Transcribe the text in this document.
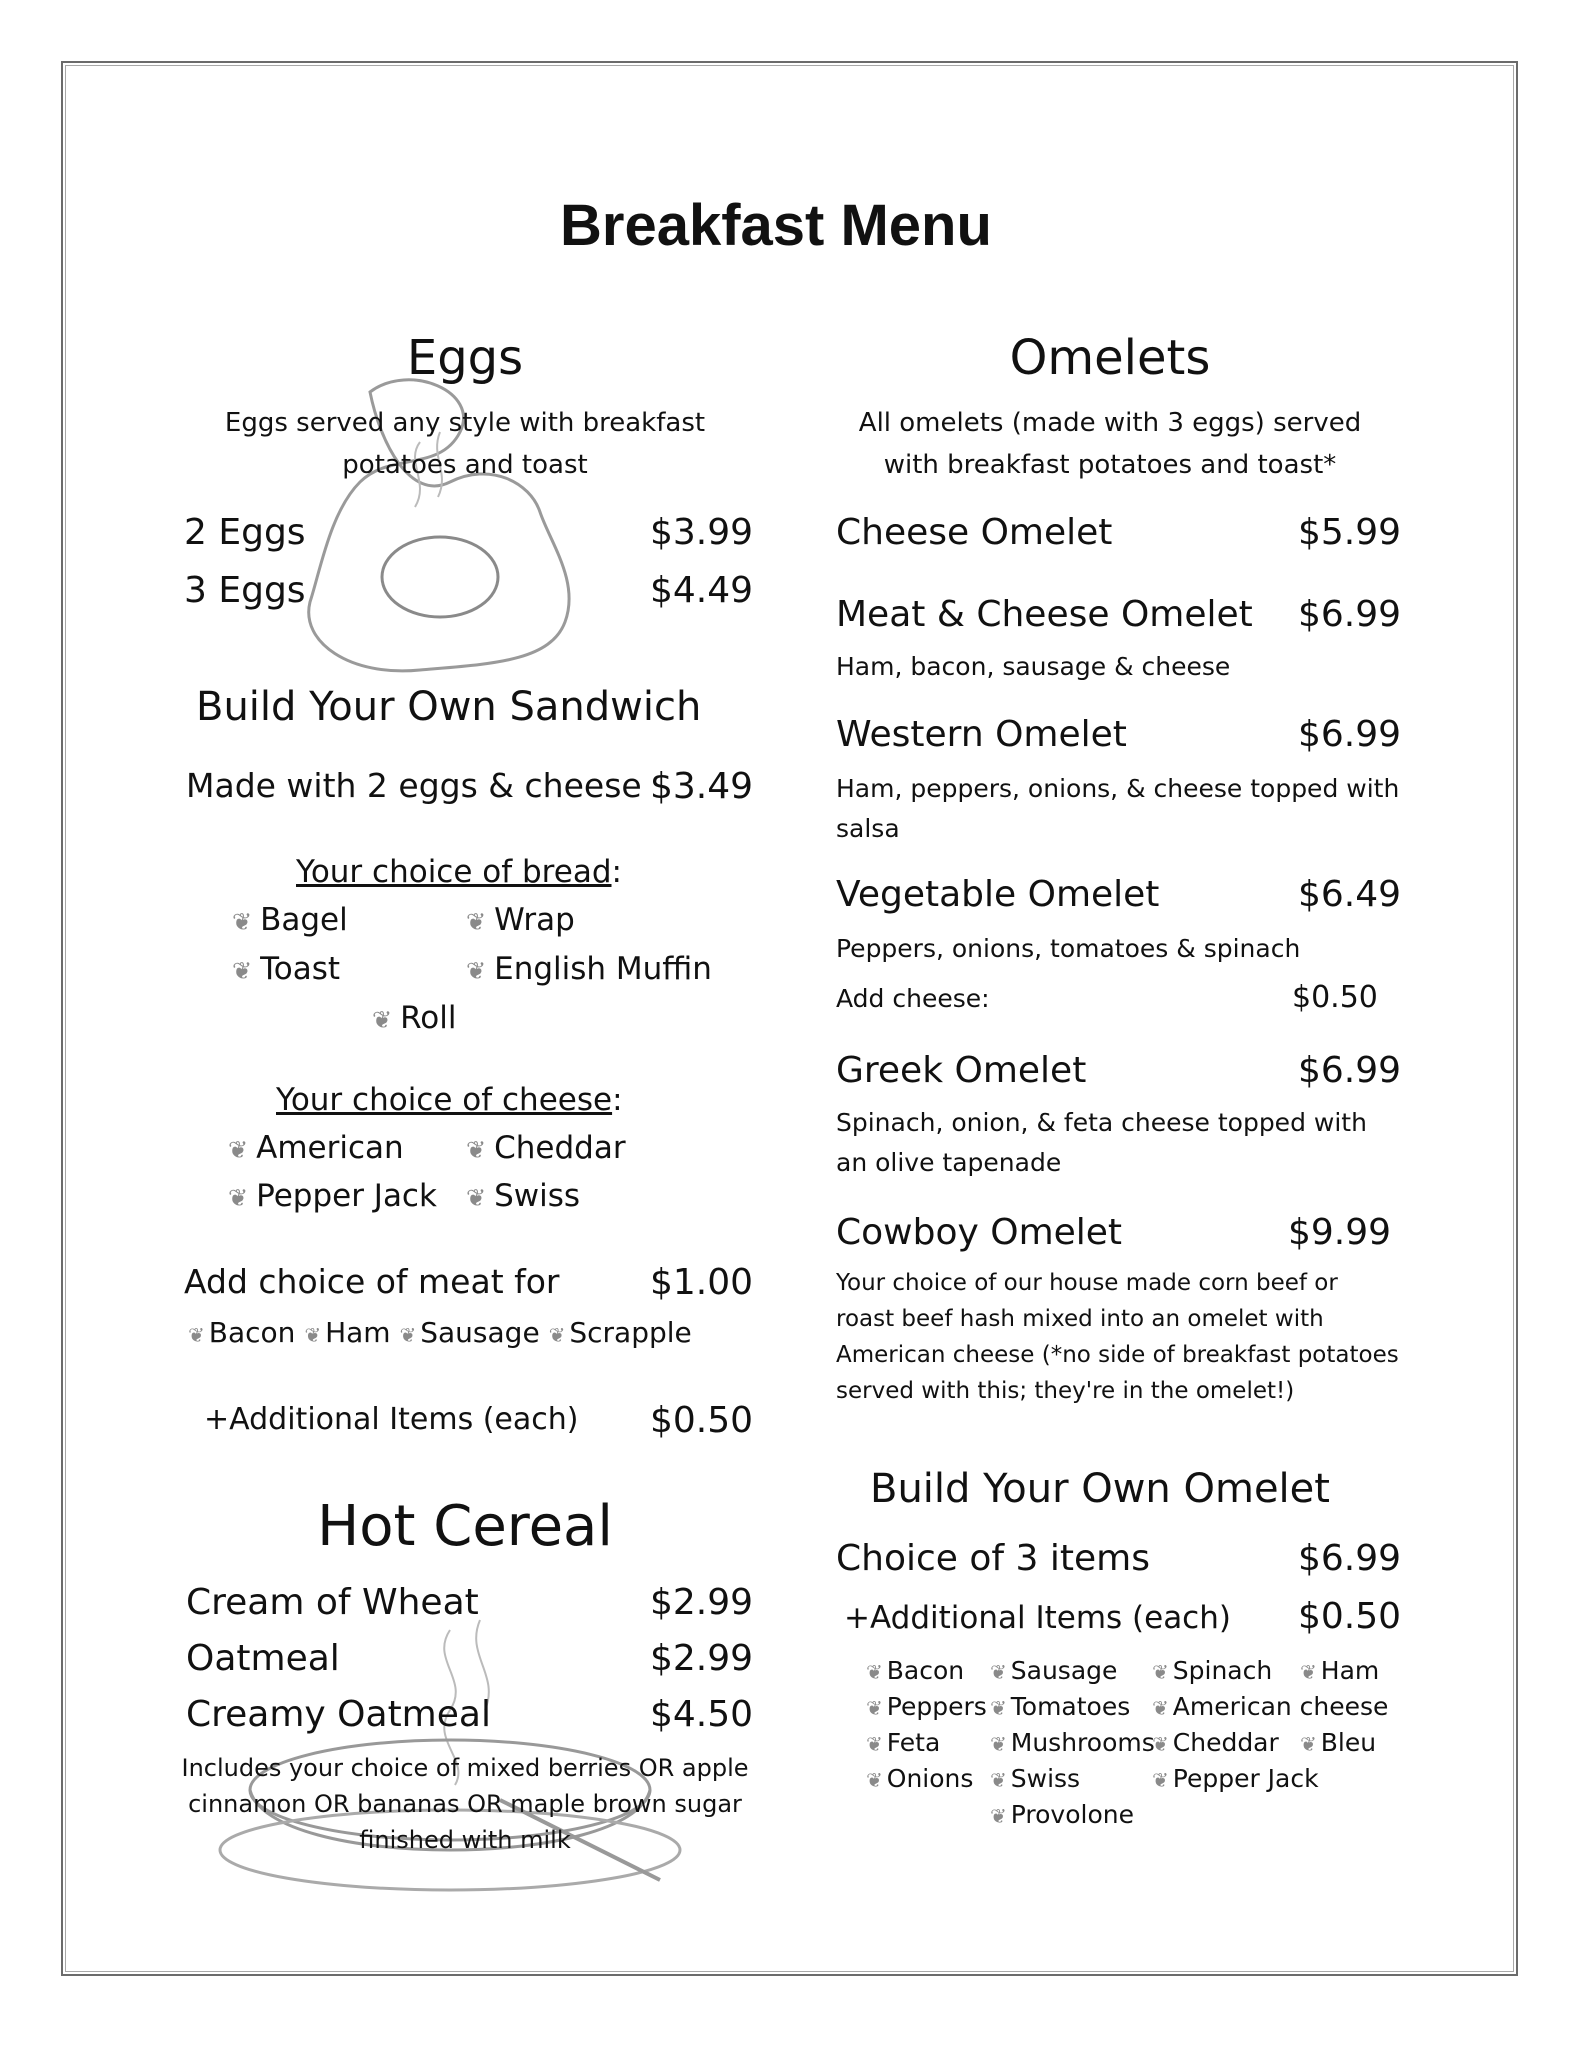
Breakfast Menu
Eggs
Eggs served any style with breakfast
potatoes and toast
2 Eggs	$3.99
3 Eggs	$4.49
Build Your Own Sandwich
Made with 2 eggs & cheese $3.49
Your choice of bread:
❦ Bagel	❦ Wrap
❦ Toast	❦ English Muffin
❦ Roll
Your choice of cheese:
❦ American	❦ Cheddar
❦ Pepper Jack ❦ Swiss
Add choice of meat for	$1.00
❦ Bacon ❦ Ham ❦ Sausage ❦ Scrapple
+Additional Items (each) $0.50
Hot Cereal
Cream of Wheat	$2.99
Oatmeal	$2.99
Creamy Oatmeal	$4.50
Includes your choice of mixed berries OR apple
cinnamon OR bananas OR maple brown sugar
finished with milk
Omelets
All omelets (made with 3 eggs) served
with breakfast potatoes and toast*
Cheese Omelet	$5.99
Meat & Cheese Omelet $6.99
Ham, bacon, sausage & cheese
Western Omelet	$6.99
Ham, peppers, onions, & cheese topped with
salsa
Vegetable Omelet	$6.49
Peppers, onions, tomatoes & spinach
Add cheese:	$0.50
Greek Omelet	$6.99
Spinach, onion, & feta cheese topped with
an olive tapenade
Cowboy Omelet	$9.99
Your choice of our house made corn beef or
roast beef hash mixed into an omelet with
American cheese (*no side of breakfast potatoes
served with this; they're in the omelet!)
Build Your Own Omelet
Choice of 3 items	$6.99
+Additional Items (each) $0.50
❦ Bacon ❦ Sausage ❦ Spinach ❦ Ham
❦ Peppers ❦ Tomatoes ❦ American cheese
❦ Feta ❦ Mushrooms
❦ Cheddar ❦ Bleu
❦ Onions ❦ Swiss	❦ Pepper Jack
❦ Provolone
